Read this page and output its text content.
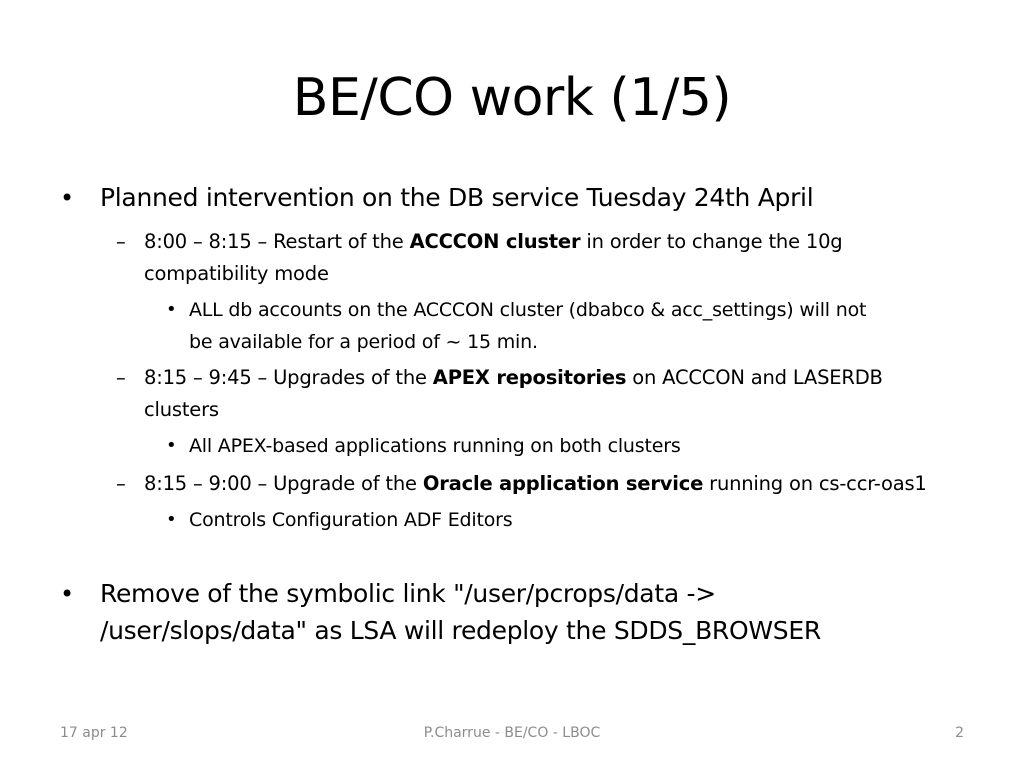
BE/CO work (1/5)
• Planned intervention on the DB service Tuesday 24th April
– 8:00 – 8:15 – Restart of the ACCCON cluster in order to change the 10g
compatibility mode
• ALL db accounts on the ACCCON cluster (dbabco & acc_settings) will not
be available for a period of ~ 15 min.
– 8:15 – 9:45 – Upgrades of the APEX repositories on ACCCON and LASERDB
clusters
• All APEX-based applications running on both clusters
– 8:15 – 9:00 – Upgrade of the Oracle application service running on cs-ccr-oas1
• Controls Configuration ADF Editors
• Remove of the symbolic link "/user/pcrops/data ->
/user/slops/data" as LSA will redeploy the SDDS_BROWSER
17 apr 12	P.Charrue - BE/CO - LBOC	2
